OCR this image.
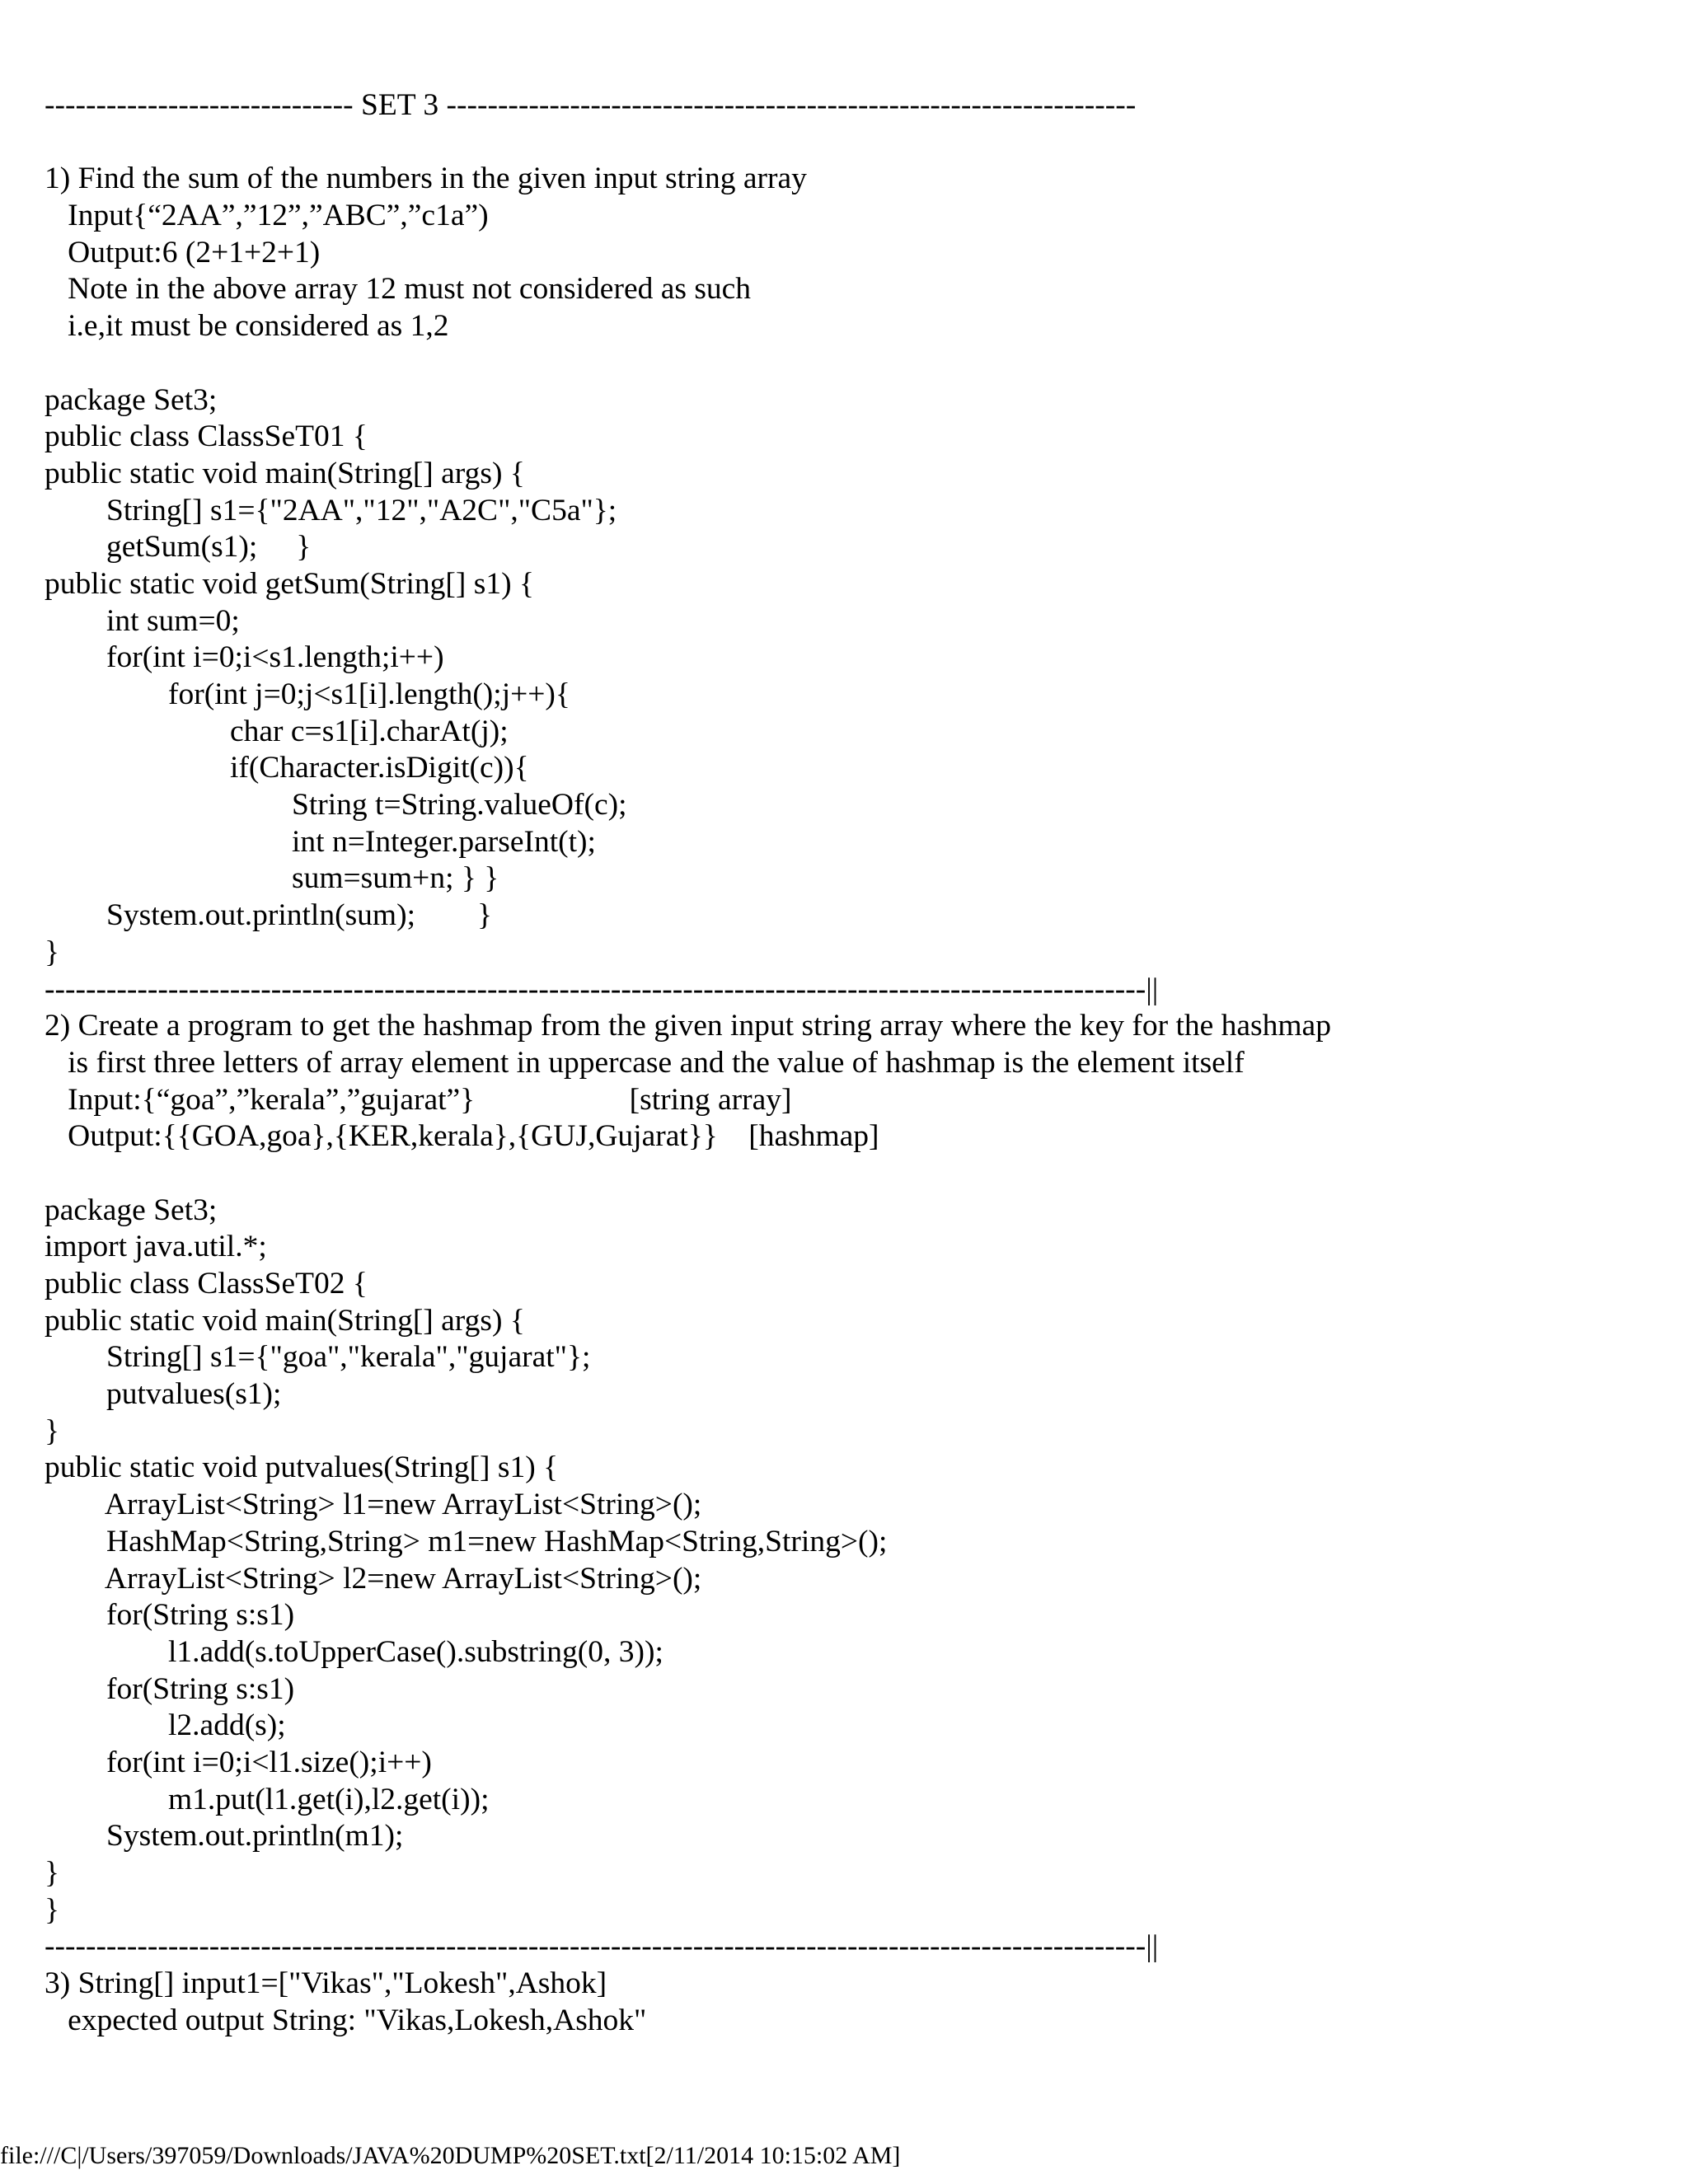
------------------------------ SET 3 -------------------------------------------------------------------
1) Find the sum of the numbers in the given input string array
Input{“2AA”,”12”,”ABC”,”c1a”)
Output:6 (2+1+2+1)
Note in the above array 12 must not considered as such
i.e,it must be considered as 1,2
package Set3;
public class ClassSeT01 {
public static void main(String[] args) {
String[] s1={"2AA","12","A2C","C5a"};
getSum(s1);     }
public static void getSum(String[] s1) {
int sum=0;
for(int i=0;i<s1.length;i++)
for(int j=0;j<s1[i].length();j++){
char c=s1[i].charAt(j);
if(Character.isDigit(c)){
String t=String.valueOf(c);
int n=Integer.parseInt(t);
sum=sum+n; } }
System.out.println(sum);        }
}
-----------------------------------------------------------------------------------------------------------||
2) Create a program to get the hashmap from the given input string array where the key for the hashmap
is first three letters of array element in uppercase and the value of hashmap is the element itself
Input:{“goa”,”kerala”,”gujarat”}                    [string array]
Output:{{GOA,goa},{KER,kerala},{GUJ,Gujarat}}    [hashmap]
package Set3;
import java.util.*;
public class ClassSeT02 {
public static void main(String[] args) {
String[] s1={"goa","kerala","gujarat"};
putvalues(s1);
}
public static void putvalues(String[] s1) {
ArrayList<String> l1=new ArrayList<String>();
HashMap<String,String> m1=new HashMap<String,String>();
ArrayList<String> l2=new ArrayList<String>();
for(String s:s1)
l1.add(s.toUpperCase().substring(0, 3));
for(String s:s1)
l2.add(s);
for(int i=0;i<l1.size();i++)
m1.put(l1.get(i),l2.get(i));
System.out.println(m1);
}
}
-----------------------------------------------------------------------------------------------------------||
3) String[] input1=["Vikas","Lokesh",Ashok]
expected output String: "Vikas,Lokesh,Ashok"
file:///C|/Users/397059/Downloads/JAVA%20DUMP%20SET.txt[2/11/2014 10:15:02 AM]
